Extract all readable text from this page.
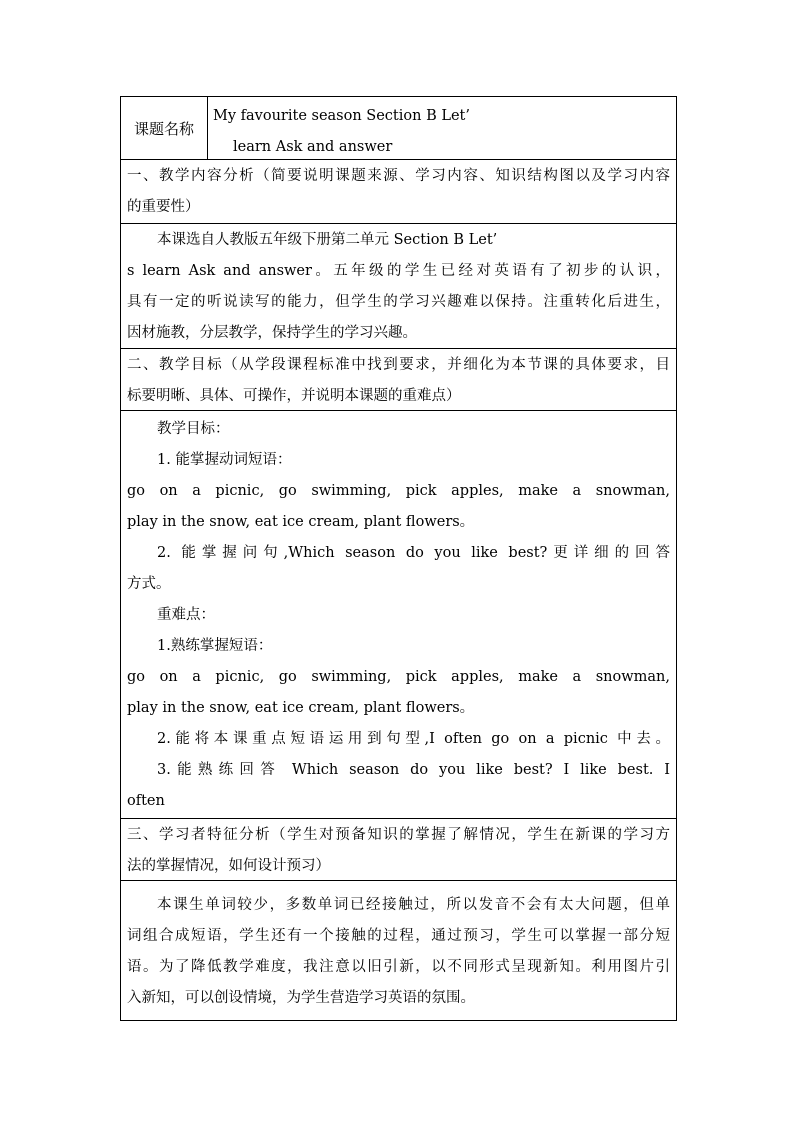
课题名称
My favourite season Section B Let’
learn Ask and answer
一、教学内容分析（简要说明课题来源、学习内容、知识结构图以及学习内容
的重要性）
本课选自人教版五年级下册第二单元 Section B Let’
s learn Ask and answer。五年级的学生已经对英语有了初步的认识，
具有一定的听说读写的能力，但学生的学习兴趣难以保持。注重转化后进生，
因材施教，分层教学，保持学生的学习兴趣。
二、教学目标（从学段课程标准中找到要求，并细化为本节课的具体要求，目
标要明晰、具体、可操作，并说明本课题的重难点）
教学目标：
1. 能掌握动词短语：
go on a picnic, go swimming, pick apples, make a snowman,
play in the snow, eat ice cream, plant flowers。
2. 能掌握问句,Which season do you like best?更详细的回答
方式。
重难点：
1.熟练掌握短语：
go on a picnic, go swimming, pick apples, make a snowman,
play in the snow, eat ice cream, plant flowers。
2.能将本课重点短语运用到句型,I often go on a picnic 中去。
3.能熟练回答 Which season do you like best? I like best. I
often
三、学习者特征分析（学生对预备知识的掌握了解情况，学生在新课的学习方
法的掌握情况，如何设计预习）
本课生单词较少，多数单词已经接触过，所以发音不会有太大问题，但单
词组合成短语，学生还有一个接触的过程，通过预习，学生可以掌握一部分短
语。为了降低教学难度，我注意以旧引新，以不同形式呈现新知。利用图片引
入新知，可以创设情境，为学生营造学习英语的氛围。
